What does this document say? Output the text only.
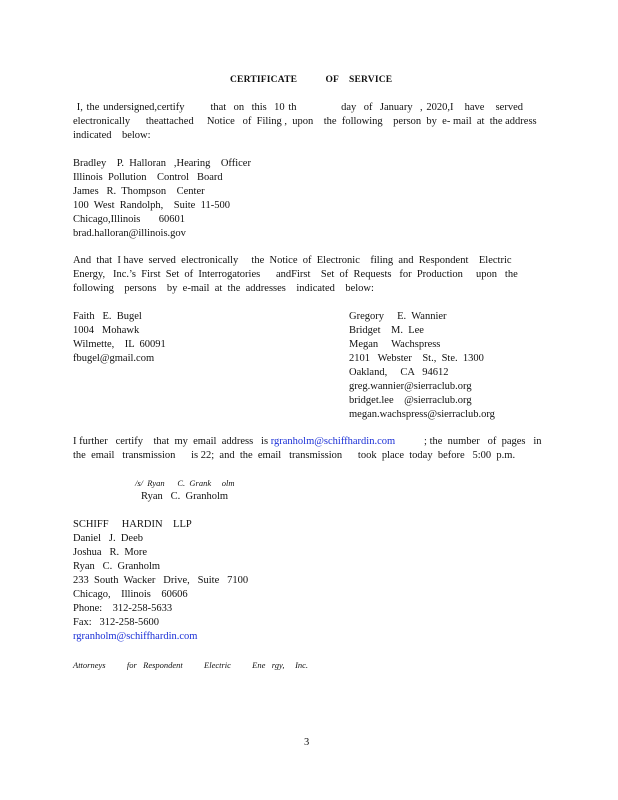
CERTIFICATE           OF    SERVICE
I, the undersigned,certify       that  on  this  10 th            day  of  January  , 2020,I   have   served
electronically      theattached     Notice   of  Filing ,  upon    the  following    person  by  e- mail  at  the address
indicated    below:
Bradley    P.  Halloran   ,Hearing    Officer
Illinois  Pollution    Control   Board
James   R.  Thompson    Center
100  West  Randolph,    Suite  11-500
Chicago,Illinois       60601
brad.halloran@illinois.gov
And  that  I have  served  electronically     the  Notice  of  Electronic    filing  and  Respondent    Electric
Energy,   Inc.’s  First  Set  of  Interrogatories      andFirst    Set  of  Requests   for  Production     upon   the
following    persons    by  e-mail  at  the  addresses    indicated    below:
Faith   E.  Bugel
1004   Mohawk
Wilmette,    IL  60091
fbugel@gmail.com
Gregory     E.  Wannier
Bridget    M.  Lee
Megan     Wachspress
2101   Webster    St.,  Ste.  1300
Oakland,     CA   94612
greg.wannier@sierraclub.org
bridget.lee    @sierraclub.org
megan.wachspress@sierraclub.org
I further   certify    that  my  email  address   is rgranholm@schiffhardin.com           ; the  number   of  pages   in
the  email   transmission      is 22;  and  the  email   transmission      took  place  today  before   5:00  p.m.
/s/  Ryan      C.  Grank     olm
Ryan   C.  Granholm
SCHIFF     HARDIN    LLP
Daniel   J.  Deeb
Joshua   R.  More
Ryan   C.  Granholm
233  South  Wacker   Drive,   Suite   7100
Chicago,    Illinois    60606
Phone:    312-258-5633
Fax:   312-258-5600
rgranholm@schiffhardin.com
Attorneys          for   Respondent          Electric          Ene   rgy,     Inc.
3
